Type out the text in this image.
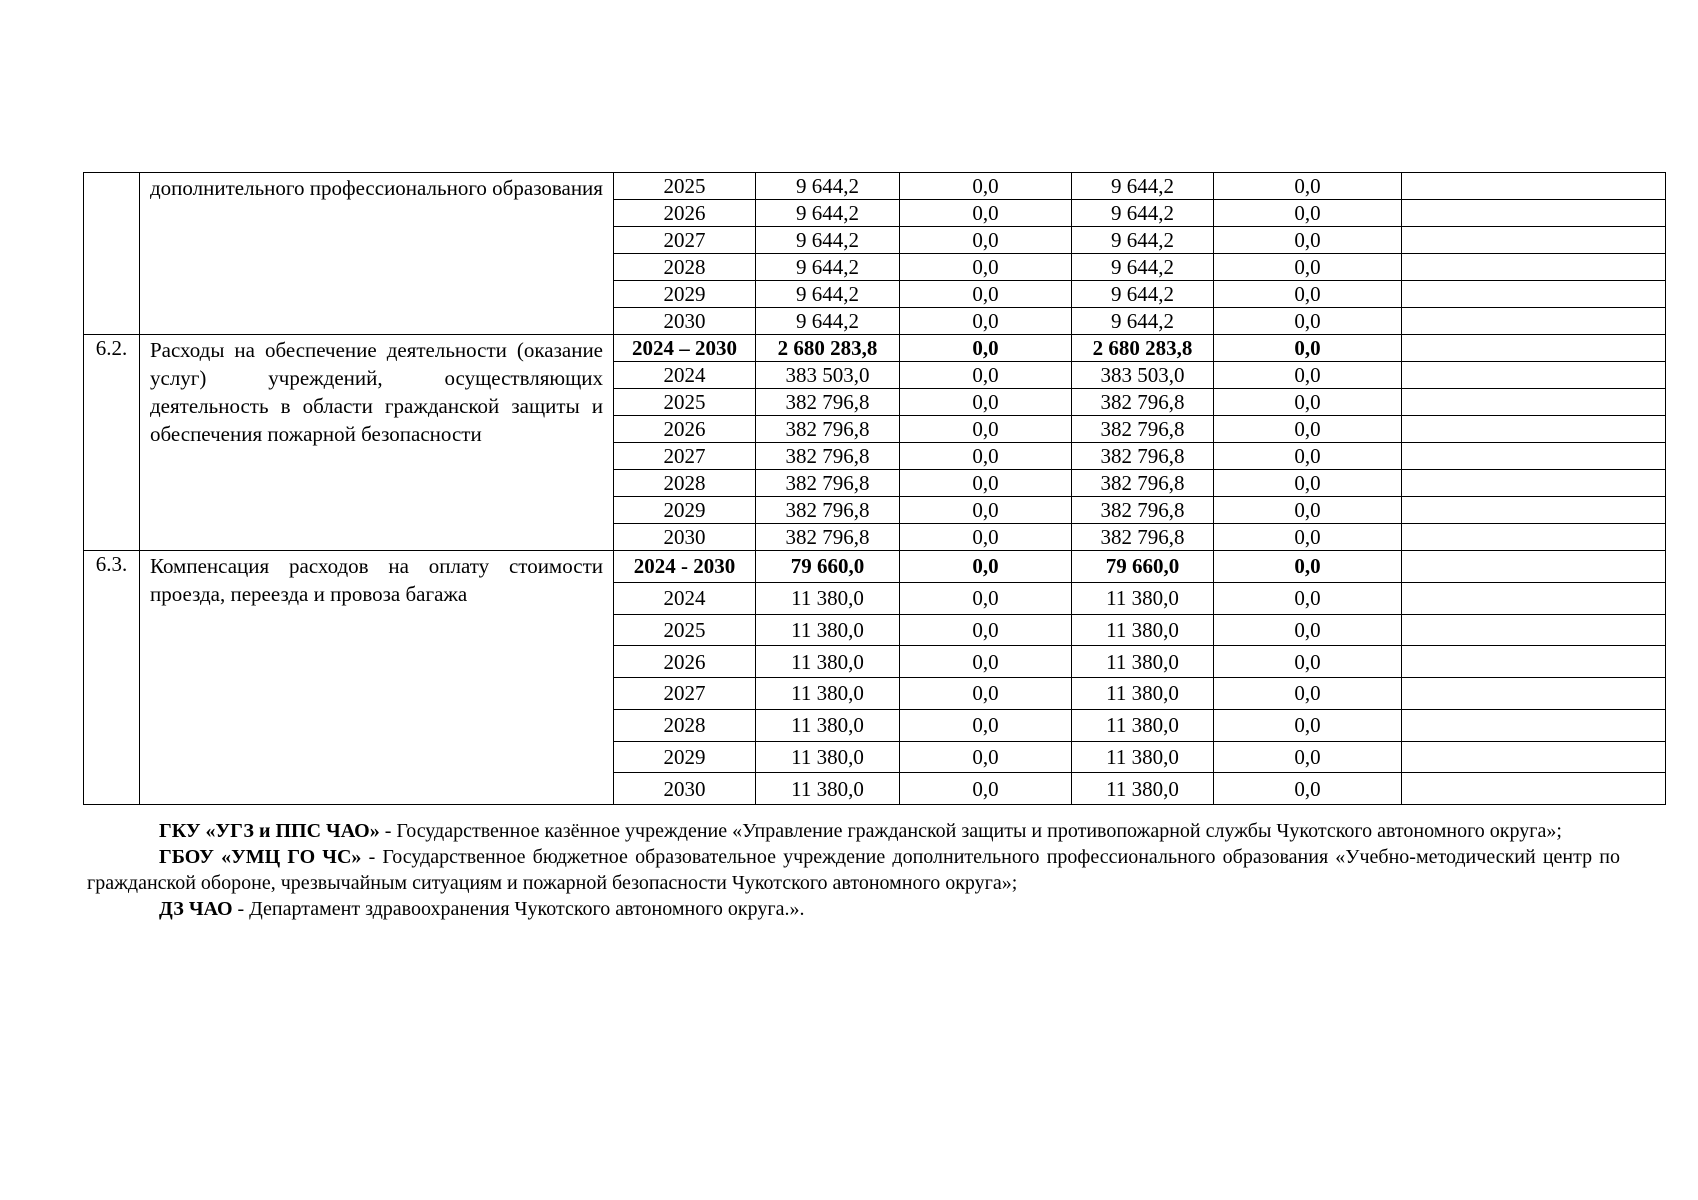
	дополнительного профессионального образования	2025	9 644,2	0,0	9 644,2	0,0		
		2026	9 644,2	0,0	9 644,2	0,0		
		2027	9 644,2	0,0	9 644,2	0,0		
		2028	9 644,2	0,0	9 644,2	0,0		
		2029	9 644,2	0,0	9 644,2	0,0		
		2030	9 644,2	0,0	9 644,2	0,0		
6.2.	Расходы на обеспечение деятельности (оказание услуг) учреждений, осуществляющих деятельность в области гражданской защиты и обеспечения пожарной безопасности	2024 – 2030	2 680 283,8	0,0	2 680 283,8	0,0		

		2024	383 503,0	0,0	383 503,0	0,0		
		2025	382 796,8	0,0	382 796,8	0,0		
		2026	382 796,8	0,0	382 796,8	0,0		
		2027	382 796,8	0,0	382 796,8	0,0		
		2028	382 796,8	0,0	382 796,8	0,0		
		2029	382 796,8	0,0	382 796,8	0,0		
		2030	382 796,8	0,0	382 796,8	0,0		
6.3.	Компенсация расходов на оплату стоимости проезда, переезда и провоза багажа	2024 - 2030	79 660,0	0,0	79 660,0	0,0		

		2024	11 380,0	0,0	11 380,0	0,0		
		2025	11 380,0	0,0	11 380,0	0,0		
		2026	11 380,0	0,0	11 380,0	0,0		
		2027	11 380,0	0,0	11 380,0	0,0		
		2028	11 380,0	0,0	11 380,0	0,0		
		2029	11 380,0	0,0	11 380,0	0,0		
		2030	11 380,0	0,0	11 380,0	0,0		

ГКУ «УГЗ и ППС ЧАО» - Государственное казённое учреждение «Управление гражданской защиты и противопожарной службы Чукотского автономного округа»;

ГБОУ «УМЦ ГО ЧС» - Государственное бюджетное образовательное учреждение дополнительного профессионального образования «Учебно-методический центр по гражданской обороне, чрезвычайным ситуациям и пожарной безопасности Чукотского автономного округа»;

ДЗ ЧАО - Департамент здравоохранения Чукотского автономного округа.».
